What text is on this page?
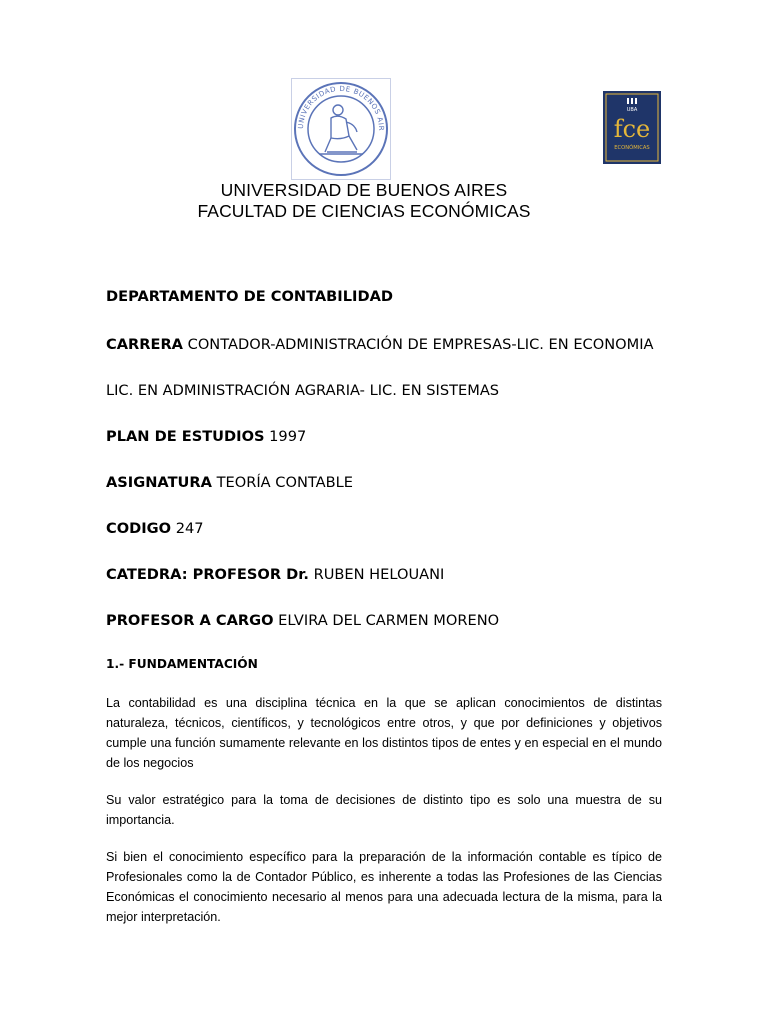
UNIVERSIDAD DE BUENOS AIR
UBA
fce
ECONÓMICAS
UNIVERSIDAD DE BUENOS AIRES
FACULTAD DE CIENCIAS ECONÓMICAS
DEPARTAMENTO DE CONTABILIDAD
CARRERA CONTADOR-ADMINISTRACIÓN DE EMPRESAS-LIC. EN ECONOMIA
LIC. EN ADMINISTRACIÓN AGRARIA- LIC. EN SISTEMAS
PLAN DE ESTUDIOS 1997
ASIGNATURA TEORÍA CONTABLE
CODIGO 247
CATEDRA: PROFESOR Dr. RUBEN HELOUANI
PROFESOR A CARGO ELVIRA DEL CARMEN MORENO
1.- FUNDAMENTACIÓN
La contabilidad es una disciplina técnica en la que se aplican conocimientos de distintas naturaleza, técnicos, científicos, y tecnológicos entre otros, y que por definiciones y objetivos cumple una función sumamente relevante en los distintos tipos de entes y en especial en el mundo de los negocios
Su valor estratégico para la toma de decisiones de distinto tipo es solo una muestra de su importancia.
Si bien el conocimiento específico para la preparación de la información contable es típico de Profesionales como la de Contador Público, es inherente a todas las Profesiones de las Ciencias Económicas el conocimiento necesario al menos para una adecuada lectura de la misma, para la mejor interpretación.
